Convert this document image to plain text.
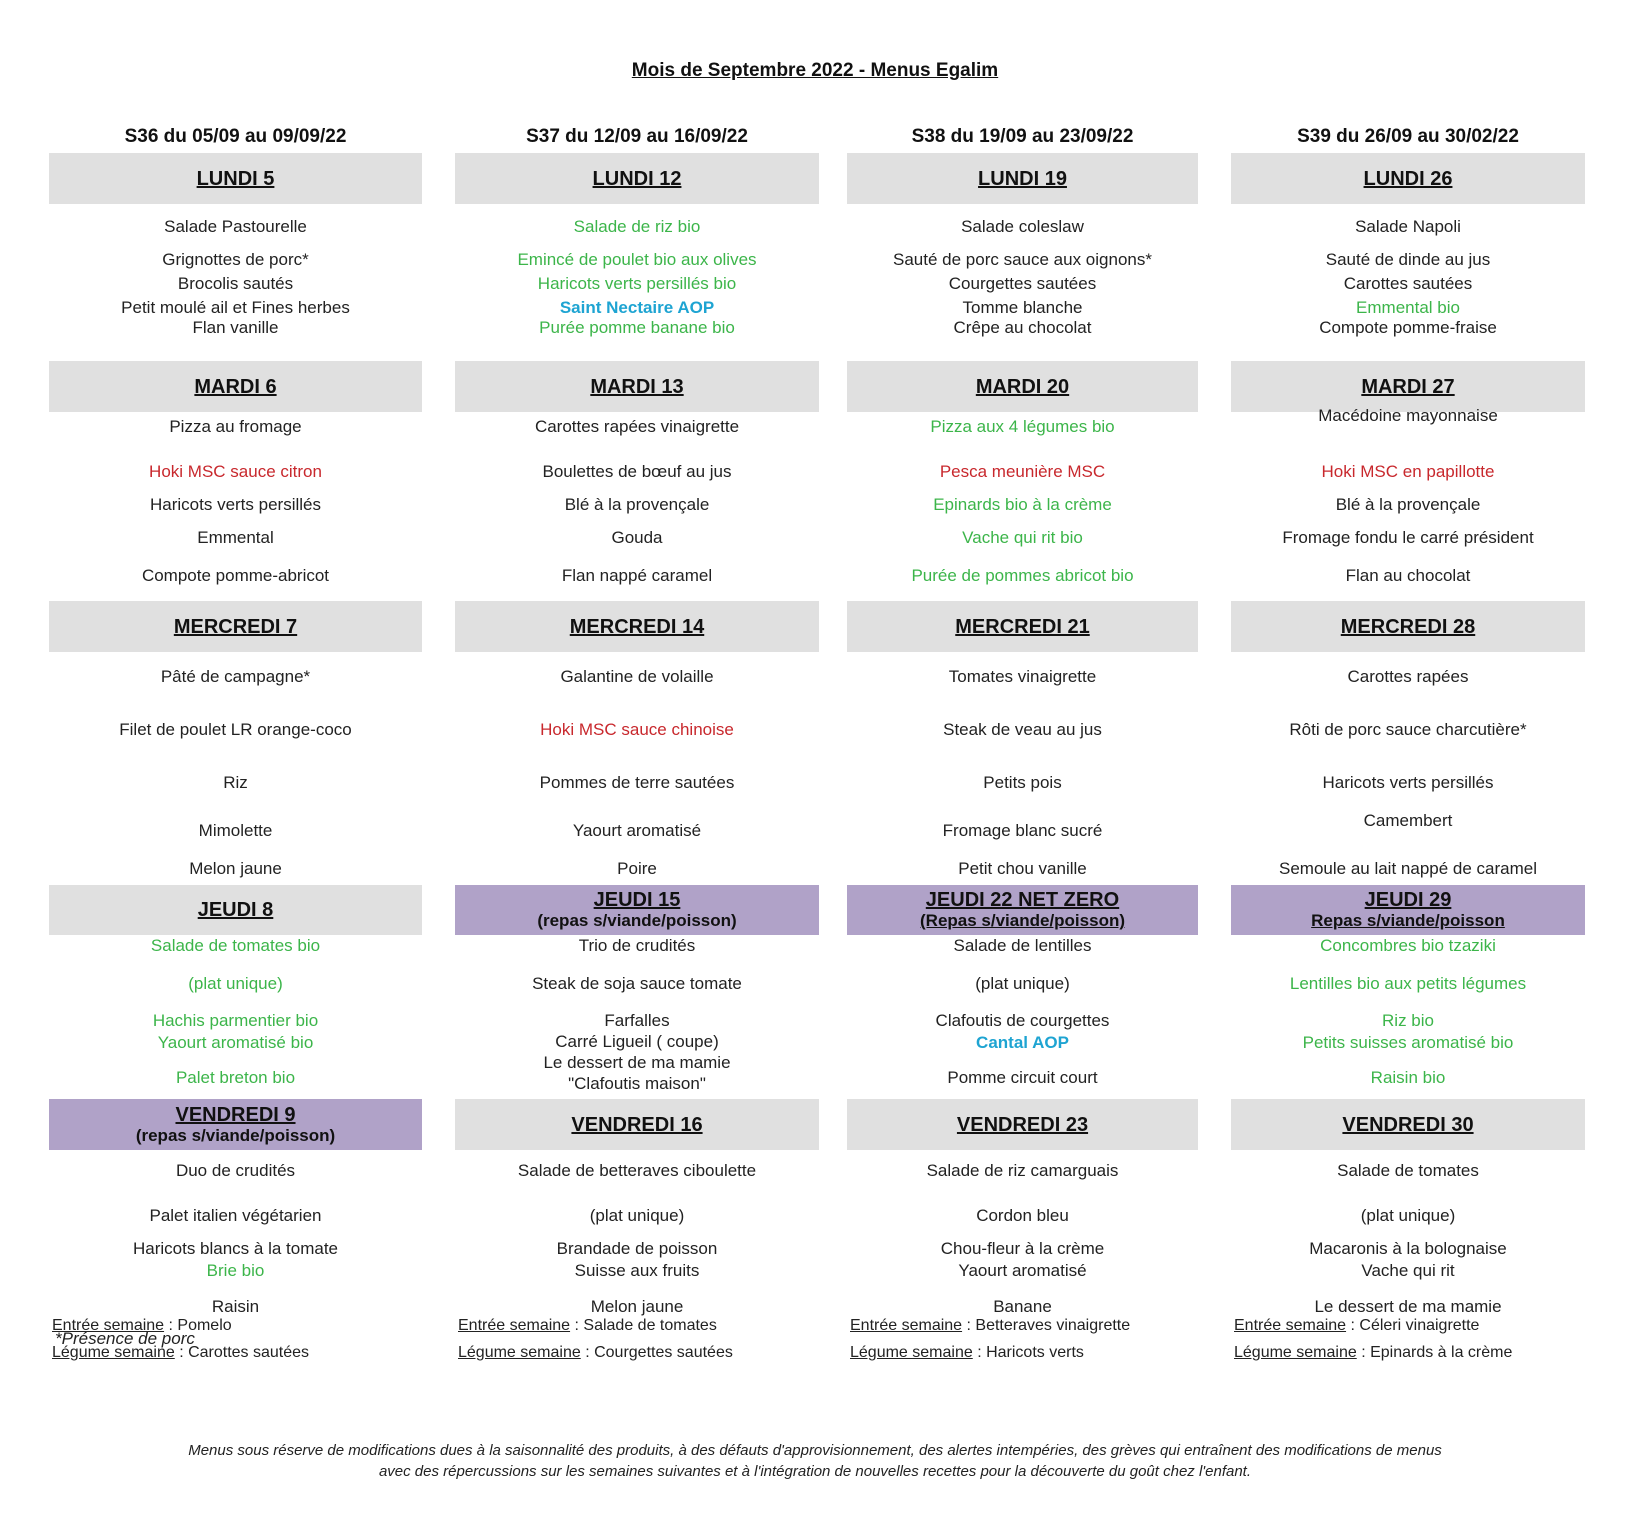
Mois de Septembre 2022 - Menus Egalim
S36 du 05/09 au 09/09/22
LUNDI 5
Salade Pastourelle
Grignottes de porc*
Brocolis sautés
Petit moulé ail et Fines herbes
Flan vanille
MARDI 6
Pizza au fromage
Hoki MSC sauce citron
Haricots verts persillés
Emmental
Compote pomme-abricot
MERCREDI 7
Pâté de campagne*
Filet de poulet LR orange-coco
Riz
Mimolette
Melon jaune
JEUDI 8
Salade de tomates bio
(plat unique)
Hachis parmentier bio
Yaourt aromatisé bio
Palet breton bio
VENDREDI 9
(repas s/viande/poisson)
Duo de crudités
Palet italien végétarien
Haricots blancs à la tomate
Brie bio
Raisin
Entrée semaine : Pomelo
Légume semaine : Carottes sautées
S37 du 12/09 au 16/09/22
LUNDI 12
Salade de riz bio
Emincé de poulet bio aux olives
Haricots verts persillés bio
Saint Nectaire AOP
Purée pomme banane bio
MARDI 13
Carottes rapées vinaigrette
Boulettes de bœuf au jus
Blé à la provençale
Gouda
Flan nappé caramel
MERCREDI 14
Galantine de volaille
Hoki MSC sauce chinoise
Pommes de terre sautées
Yaourt aromatisé
Poire
JEUDI 15
(repas s/viande/poisson)
Trio de crudités
Steak de soja sauce tomate
Farfalles
Carré Ligueil ( coupe)
Le dessert de ma mamie
"Clafoutis maison"
VENDREDI 16
Salade de betteraves ciboulette
(plat unique)
Brandade de poisson
Suisse aux fruits
Melon jaune
Entrée semaine : Salade de tomates
Légume semaine : Courgettes sautées
S38 du 19/09 au 23/09/22
LUNDI 19
Salade coleslaw
Sauté de porc sauce aux oignons*
Courgettes sautées
Tomme blanche
Crêpe au chocolat
MARDI 20
Pizza aux 4 légumes bio
Pesca meunière MSC
Epinards bio à la crème
Vache qui rit bio
Purée de pommes abricot bio
MERCREDI 21
Tomates vinaigrette
Steak de veau au jus
Petits pois
Fromage blanc sucré
Petit chou vanille
JEUDI 22 NET ZERO
(Repas s/viande/poisson)
Salade de lentilles
(plat unique)
Clafoutis de courgettes
Cantal AOP
Pomme circuit court
VENDREDI 23
Salade de riz camarguais
Cordon bleu
Chou-fleur à la crème
Yaourt aromatisé
Banane
Entrée semaine : Betteraves vinaigrette
Légume semaine : Haricots verts
S39 du 26/09 au 30/02/22
LUNDI 26
Salade Napoli
Sauté de dinde au jus
Carottes sautées
Emmental bio
Compote pomme-fraise
MARDI 27
Macédoine mayonnaise
Hoki MSC en papillotte
Blé à la provençale
Fromage fondu le carré président
Flan au chocolat
MERCREDI 28
Carottes rapées
Rôti de porc sauce charcutière*
Haricots verts persillés
Camembert
Semoule au lait nappé de caramel
JEUDI 29
Repas s/viande/poisson
Concombres bio tzaziki
Lentilles bio aux petits légumes
Riz bio
Petits suisses aromatisé bio
Raisin bio
VENDREDI 30
Salade de tomates
(plat unique)
Macaronis à la bolognaise
Vache qui rit
Le dessert de ma mamie
Entrée semaine : Céleri vinaigrette
Légume semaine : Epinards à la crème
*Présence de porc
Menus sous réserve de modifications dues à la saisonnalité des produits, à des défauts d'approvisionnement, des alertes intempéries, des grèves qui entraînent des modifications de menus
avec des répercussions sur les semaines suivantes et à l'intégration de nouvelles recettes pour la découverte du goût chez l'enfant.
